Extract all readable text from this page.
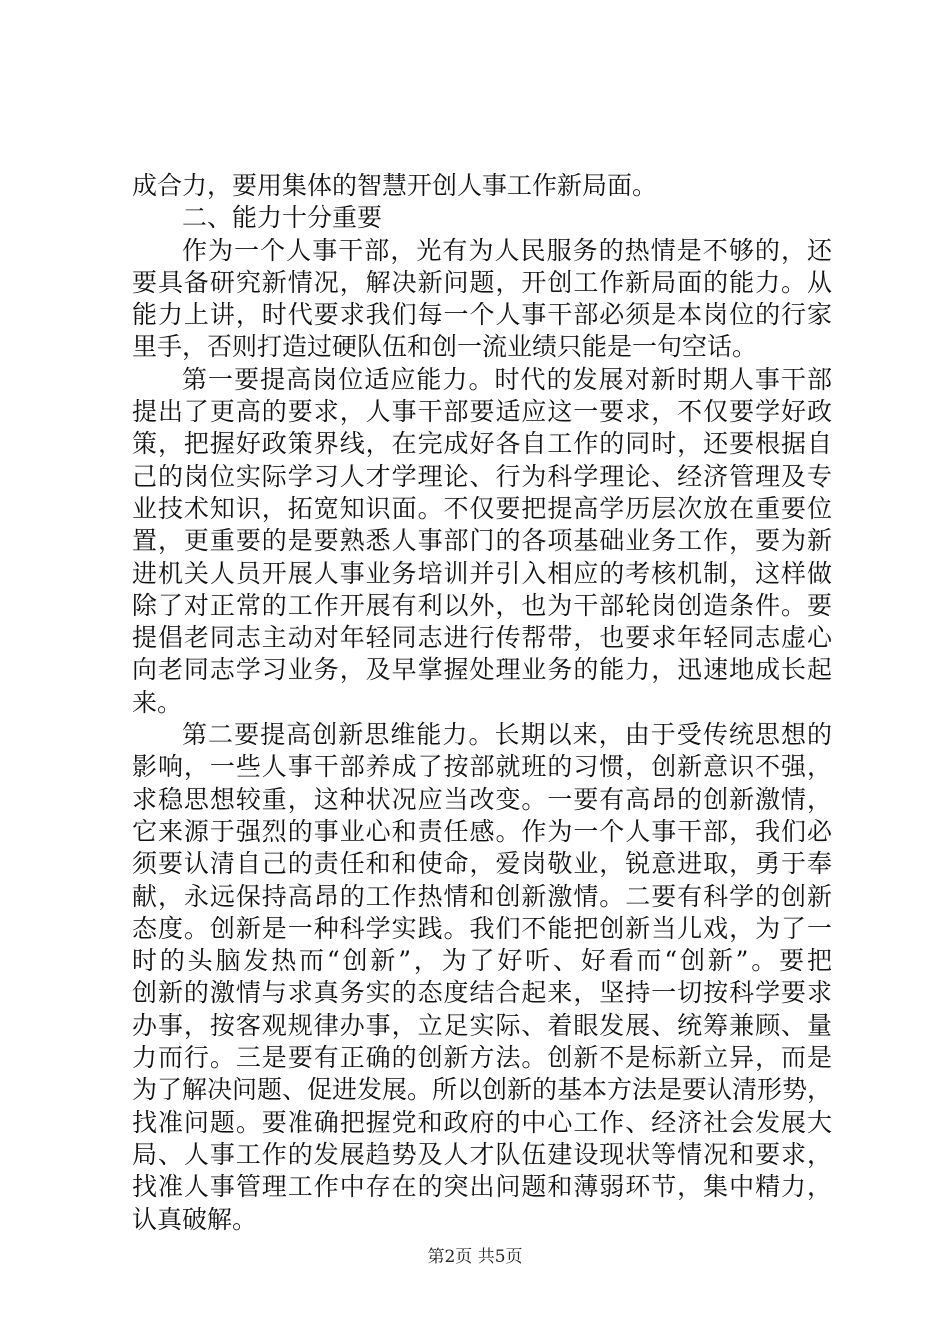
成合力，要用集体的智慧开创人事工作新局面。
二、能力十分重要
作为一个人事干部，光有为人民服务的热情是不够的，还
要具备研究新情况，解决新问题，开创工作新局面的能力。从
能力上讲，时代要求我们每一个人事干部必须是本岗位的行家
里手，否则打造过硬队伍和创一流业绩只能是一句空话。
第一要提高岗位适应能力。时代的发展对新时期人事干部
提出了更高的要求，人事干部要适应这一要求，不仅要学好政
策，把握好政策界线，在完成好各自工作的同时，还要根据自
己的岗位实际学习人才学理论、行为科学理论、经济管理及专
业技术知识，拓宽知识面。不仅要把提高学历层次放在重要位
置，更重要的是要熟悉人事部门的各项基础业务工作，要为新
进机关人员开展人事业务培训并引入相应的考核机制，这样做
除了对正常的工作开展有利以外，也为干部轮岗创造条件。要
提倡老同志主动对年轻同志进行传帮带，也要求年轻同志虚心
向老同志学习业务，及早掌握处理业务的能力，迅速地成长起
来。
第二要提高创新思维能力。长期以来，由于受传统思想的
影响，一些人事干部养成了按部就班的习惯，创新意识不强，
求稳思想较重，这种状况应当改变。一要有高昂的创新激情，
它来源于强烈的事业心和责任感。作为一个人事干部，我们必
须要认清自己的责任和和使命，爱岗敬业，锐意进取，勇于奉
献，永远保持高昂的工作热情和创新激情。二要有科学的创新
态度。创新是一种科学实践。我们不能把创新当儿戏，为了一
时的头脑发热而“创新”，为了好听、好看而“创新”。要把
创新的激情与求真务实的态度结合起来，坚持一切按科学要求
办事，按客观规律办事，立足实际、着眼发展、统筹兼顾、量
力而行。三是要有正确的创新方法。创新不是标新立异，而是
为了解决问题、促进发展。所以创新的基本方法是要认清形势，
找准问题。要准确把握党和政府的中心工作、经济社会发展大
局、人事工作的发展趋势及人才队伍建设现状等情况和要求，
找准人事管理工作中存在的突出问题和薄弱环节，集中精力，
认真破解。
第2页 共5页
